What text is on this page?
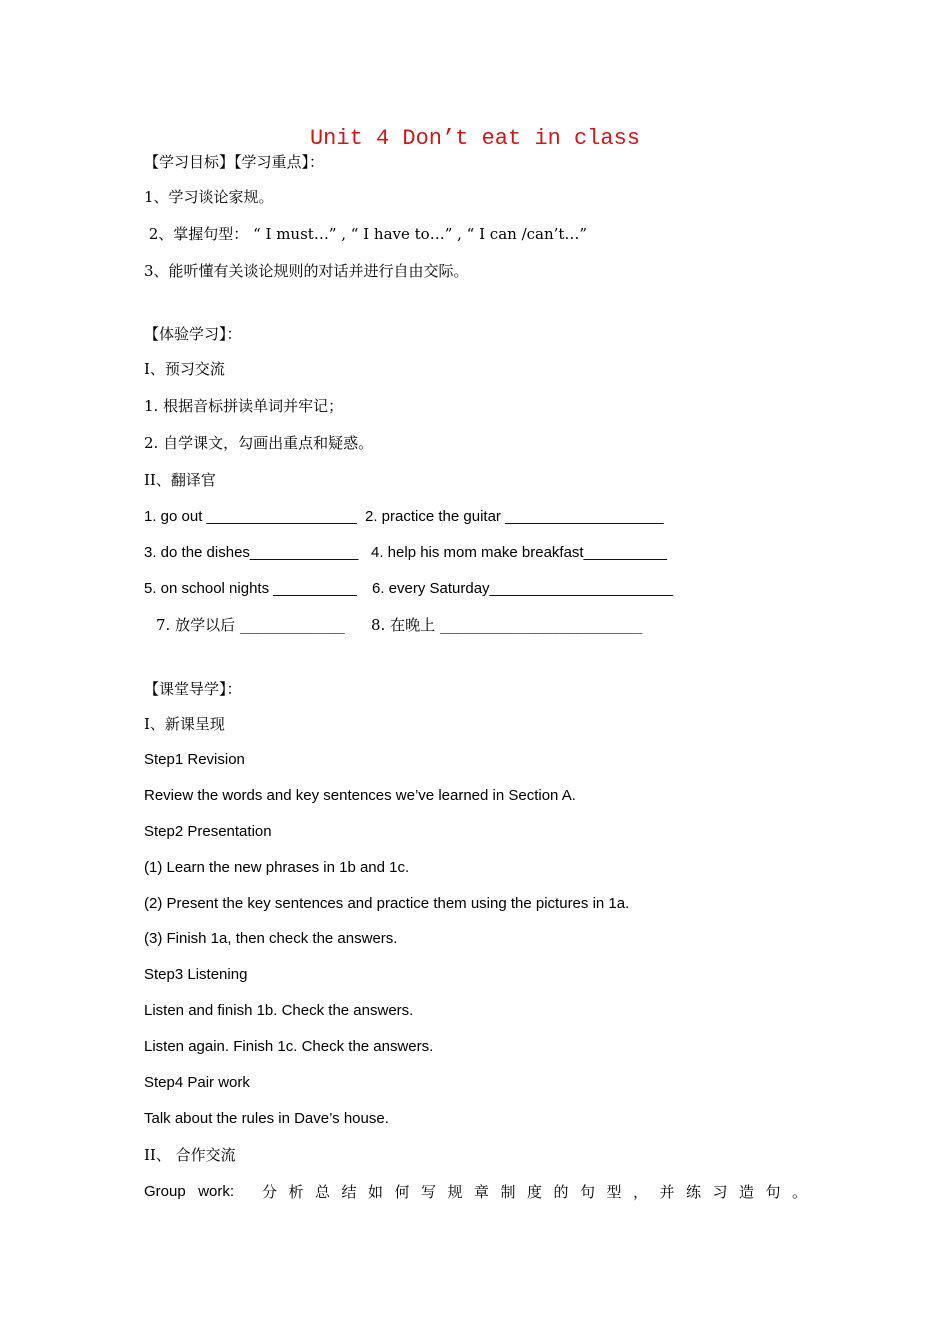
Unit 4 Don’t eat in class
【学习目标】【学习重点】：
1、学习谈论家规。
2、掌握句型： “ I must…” , “ I have to…” , “ I can /can’t…”
3、能听懂有关谈论规则的对话并进行自由交际。
【体验学习】：
I、预习交流
1. 根据音标拼读单词并牢记；
2. 自学课文，勾画出重点和疑惑。
II、翻译官
1. go out __________________ 2. practice the guitar ___________________
3. do the dishes_____________ 4. help his mom make breakfast__________
5. on school nights __________ 6. every Saturday______________________
7. 放学以后 ______________ 8. 在晚上 ___________________________
【课堂导学】：
I、新课呈现
Step1 Revision
Review the words and key sentences we’ve learned in Section A.
Step2 Presentation
(1) Learn the new phrases in 1b and 1c.
(2) Present the key sentences and practice them using the pictures in 1a.
(3) Finish 1a, then check the answers.
Step3 Listening
Listen and finish 1b. Check the answers.
Listen again. Finish 1c. Check the answers.
Step4 Pair work
Talk about the rules in Dave’s house.
II、 合作交流
Group   work: 分析总结如何写规章制度的句型，并练习造句。
